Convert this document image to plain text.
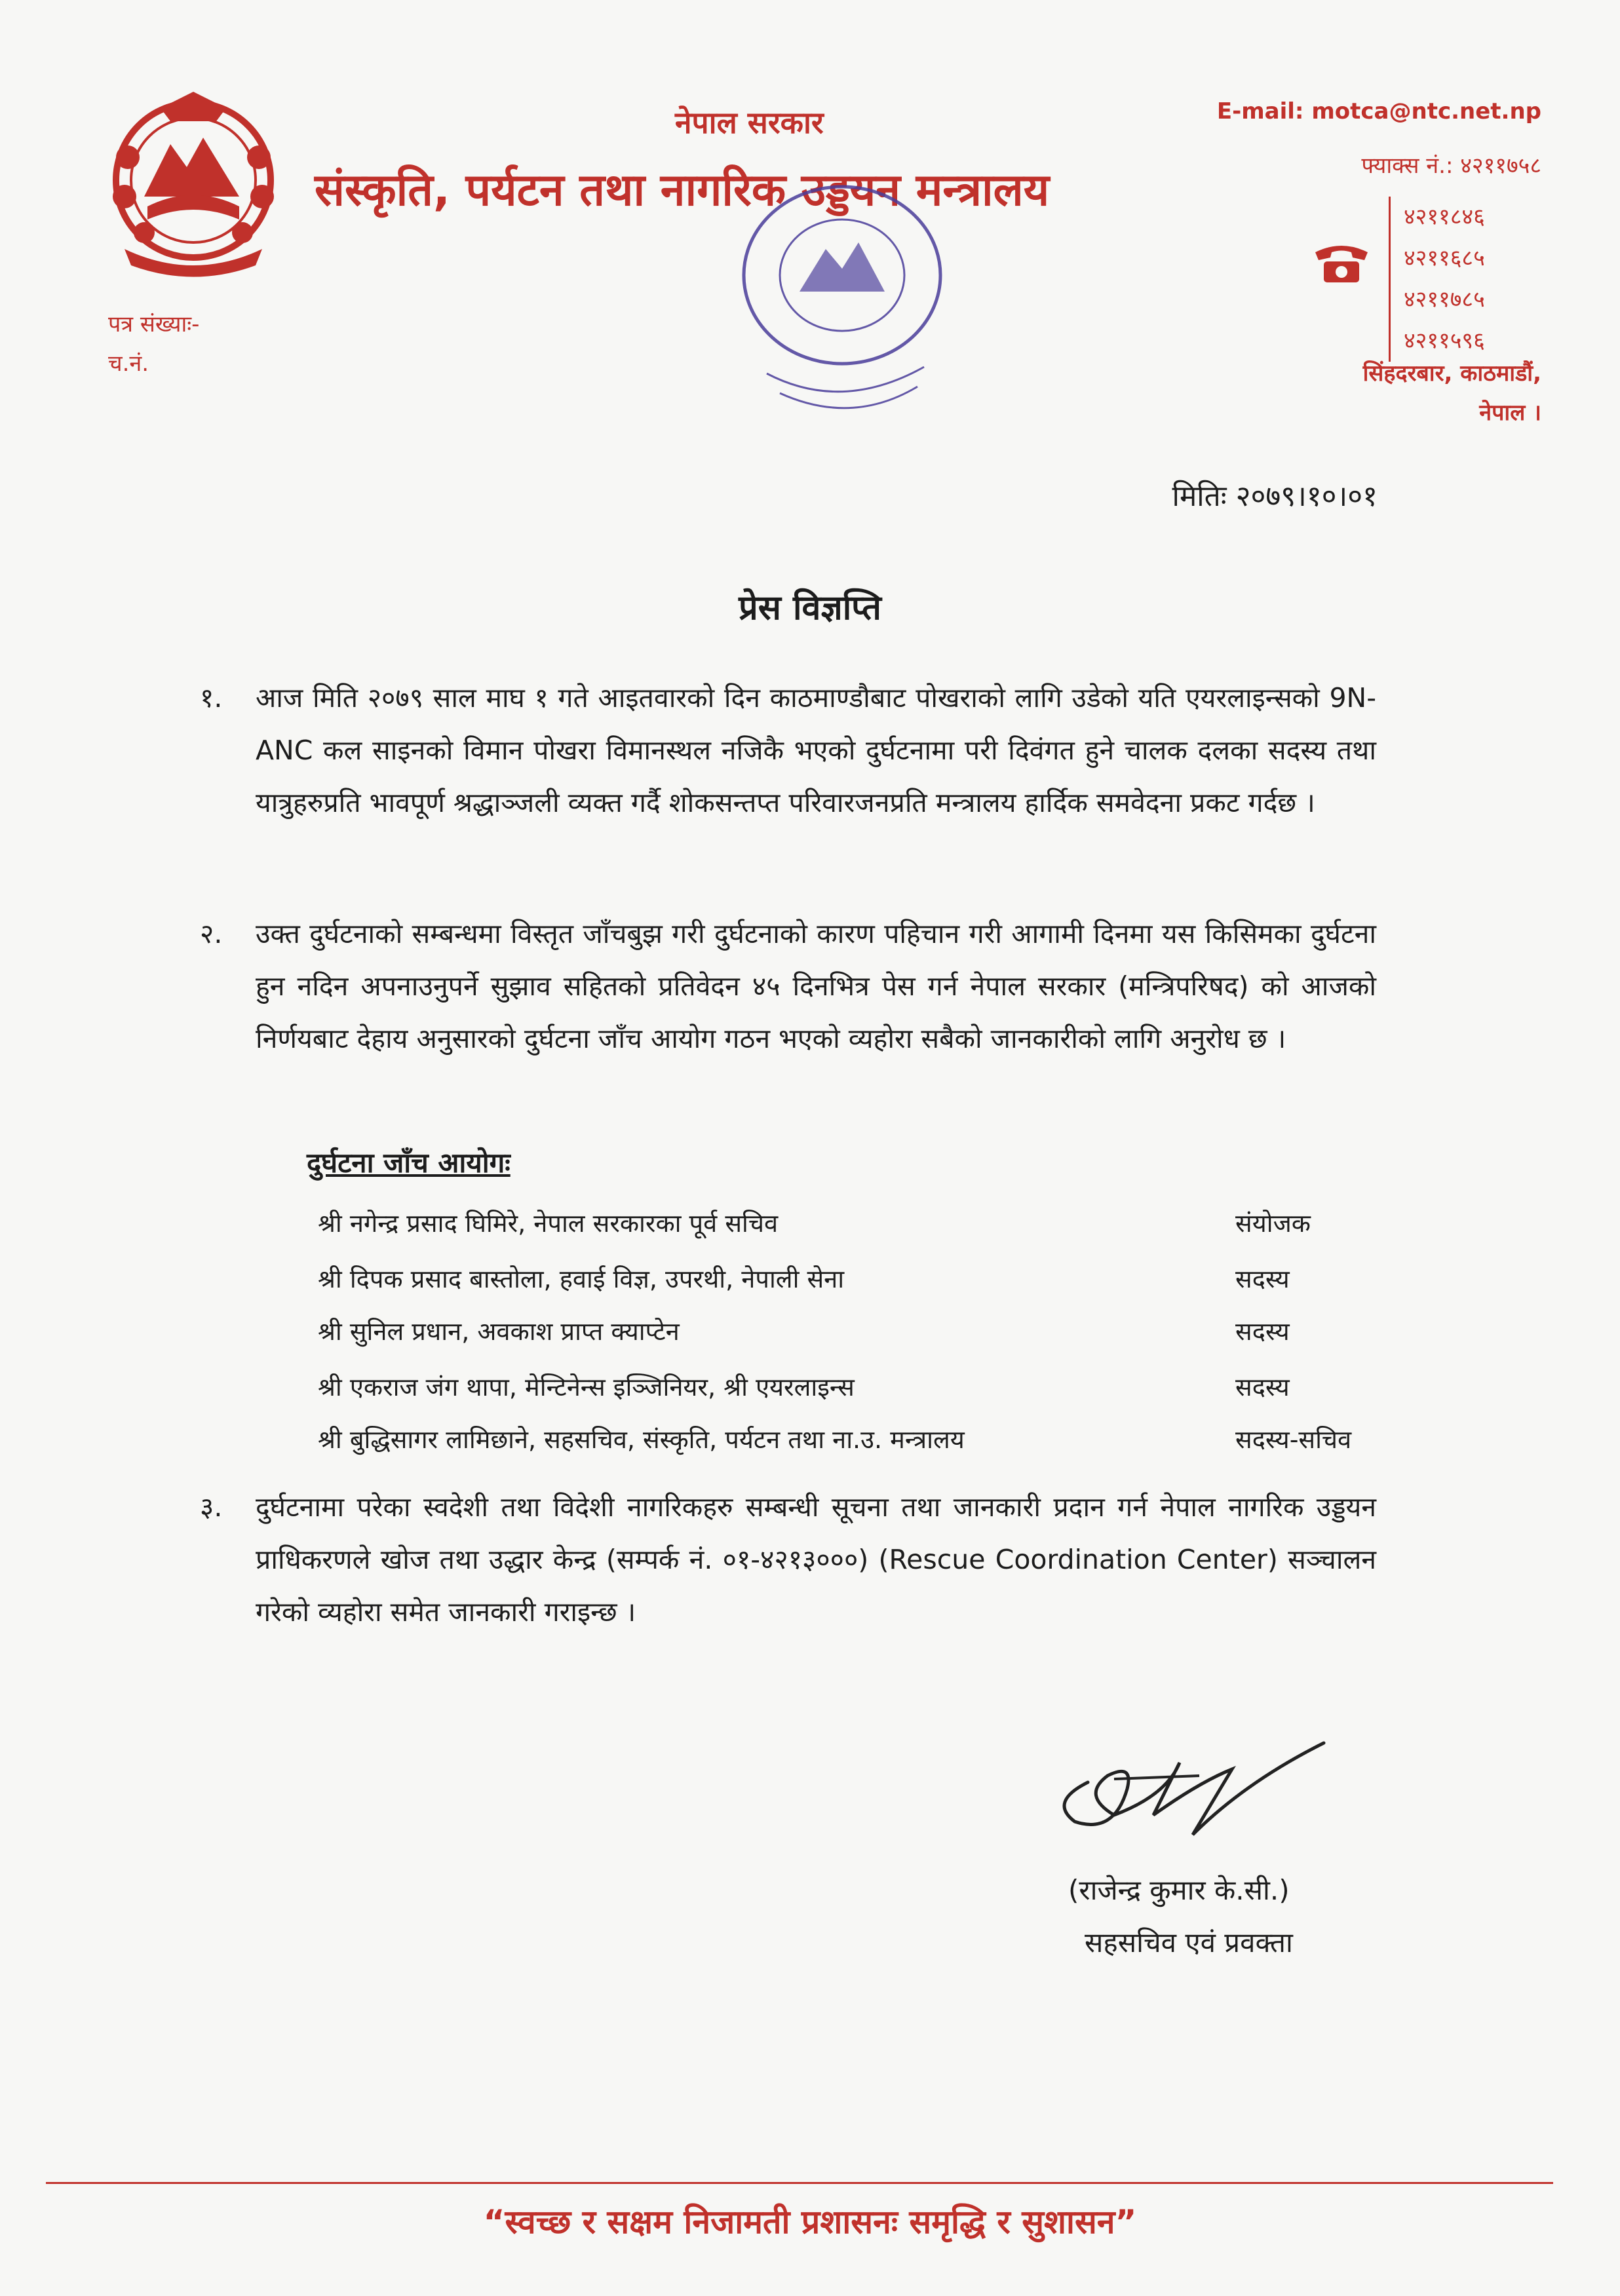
नेपाल सरकार
संस्कृति, पर्यटन तथा नागरिक उड्डयन मन्त्रालय
पत्र संख्याः-
च.नं.
E-mail: motca@ntc.net.np
फ्याक्स नं.: ४२११७५८
४२११८४६
४२११६८५
४२११७८५
४२११५९६
सिंहदरबार, काठमाडौं,
नेपाल ।
मितिः २०७९।१०।०१
प्रेस विज्ञप्ति
१. आज मिति २०७९ साल माघ १ गते आइतवारको दिन काठमाण्डौबाट पोखराको लागि उडेको यति एयरलाइन्सको 9N-ANC कल साइनको विमान पोखरा विमानस्थल नजिकै भएको दुर्घटनामा परी दिवंगत हुने चालक दलका सदस्य तथा यात्रुहरुप्रति भावपूर्ण श्रद्धाञ्जली व्यक्त गर्दै शोकसन्तप्त परिवारजनप्रति मन्त्रालय हार्दिक समवेदना प्रकट गर्दछ ।
२. उक्त दुर्घटनाको सम्बन्धमा विस्तृत जाँचबुझ गरी दुर्घटनाको कारण पहिचान गरी आगामी दिनमा यस किसिमका दुर्घटना हुन नदिन अपनाउनुपर्ने सुझाव सहितको प्रतिवेदन ४५ दिनभित्र पेस गर्न नेपाल सरकार (मन्त्रिपरिषद) को आजको निर्णयबाट देहाय अनुसारको दुर्घटना जाँच आयोग गठन भएको व्यहोरा सबैको जानकारीको लागि अनुरोध छ ।
दुर्घटना जाँच आयोगः
श्री नगेन्द्र प्रसाद घिमिरे, नेपाल सरकारका पूर्व सचिव	संयोजक
श्री दिपक प्रसाद बास्तोला, हवाई विज्ञ, उपरथी, नेपाली सेना	सदस्य
श्री सुनिल प्रधान, अवकाश प्राप्त क्याप्टेन	सदस्य
श्री एकराज जंग थापा, मेन्टिनेन्स इञ्जिनियर, श्री एयरलाइन्स	सदस्य
श्री बुद्धिसागर लामिछाने, सहसचिव, संस्कृति, पर्यटन तथा ना.उ. मन्त्रालय	सदस्य-सचिव
३. दुर्घटनामा परेका स्वदेशी तथा विदेशी नागरिकहरु सम्बन्धी सूचना तथा जानकारी प्रदान गर्न नेपाल नागरिक उड्डयन प्राधिकरणले खोज तथा उद्धार केन्द्र (सम्पर्क नं. ०१-४२१३०००) (Rescue Coordination Center) सञ्चालन गरेको व्यहोरा समेत जानकारी गराइन्छ ।
(राजेन्द्र कुमार के.सी.)
सहसचिव एवं प्रवक्ता
“स्वच्छ र सक्षम निजामती प्रशासनः समृद्धि र सुशासन”
